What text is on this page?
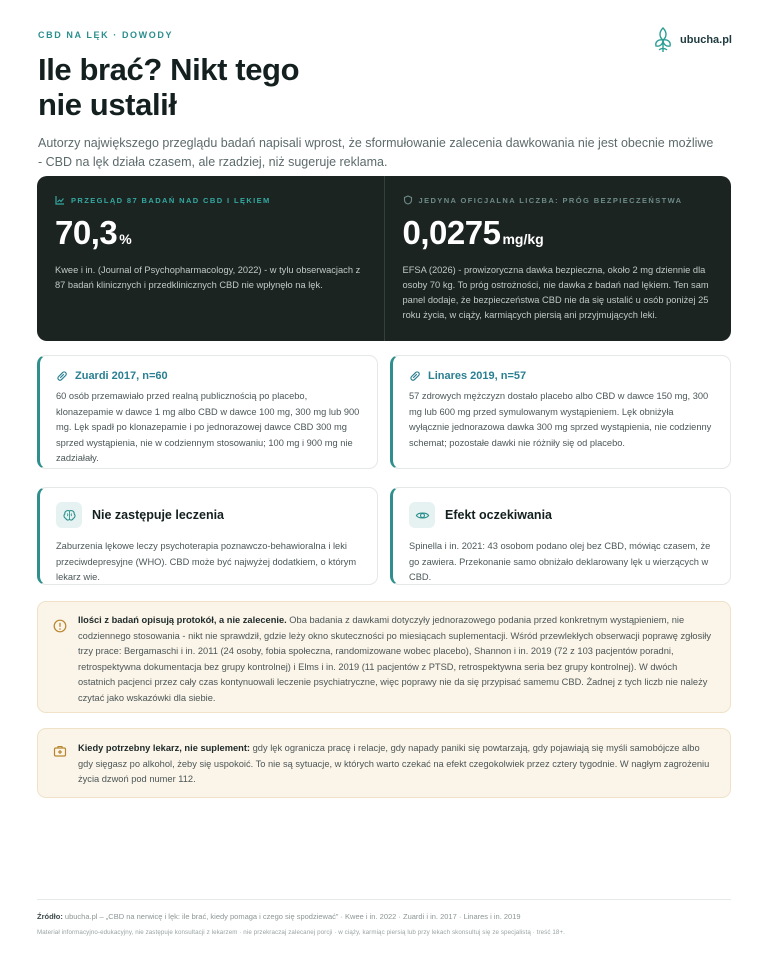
CBD NA LĘK · DOWODY
Ile brać? Nikt tego
nie ustalił

Autorzy największego przeglądu badań napisali wprost, że sformułowanie zalecenia dawkowania nie jest obecnie możliwe - CBD na lęk działa czasem, ale rzadziej, niż sugeruje reklama.

ubucha.pl
PRZEGLĄD 87 BADAŃ NAD CBD I LĘKIEM
70,3 %

Kwee i in. (Journal of Psychopharmacology, 2022) - w tylu obserwacjach z 87 badań klinicznych i przedklinicznych CBD nie wpłynęło na lęk.

JEDYNA OFICJALNA LICZBA: PRÓG BEZPIECZEŃSTWA
0,0275 mg/kg

EFSA (2026) - prowizoryczna dawka bezpieczna, około 2 mg dziennie dla osoby 70 kg. To próg ostrożności, nie dawka z badań nad lękiem. Ten sam panel dodaje, że bezpieczeństwa CBD nie da się ustalić u osób poniżej 25 roku życia, w ciąży, karmiących piersią ani przyjmujących leki.

Zuardi 2017, n=60

60 osób przemawiało przed realną publicznością po placebo, klonazepamie w dawce 1 mg albo CBD w dawce 100 mg, 300 mg lub 900 mg. Lęk spadł po klonazepamie i po jednorazowej dawce CBD 300 mg sprzed wystąpienia, nie w codziennym stosowaniu; 100 mg i 900 mg nie zadziałały.

Linares 2019, n=57

57 zdrowych mężczyzn dostało placebo albo CBD w dawce 150 mg, 300 mg lub 600 mg przed symulowanym wystąpieniem. Lęk obniżyła wyłącznie jednorazowa dawka 300 mg sprzed wystąpienia, nie codzienny schemat; pozostałe dawki nie różniły się od placebo.

Nie zastępuje leczenia

Zaburzenia lękowe leczy psychoterapia poznawczo-behawioralna i leki przeciwdepresyjne (WHO). CBD może być najwyżej dodatkiem, o którym lekarz wie.

Efekt oczekiwania

Spinella i in. 2021: 43 osobom podano olej bez CBD, mówiąc czasem, że go zawiera. Przekonanie samo obniżało deklarowany lęk u wierzących w CBD.

Ilości z badań opisują protokół, a nie zalecenie. Oba badania z dawkami dotyczyły jednorazowego podania przed konkretnym wystąpieniem, nie codziennego stosowania - nikt nie sprawdził, gdzie leży okno skuteczności po miesiącach suplementacji. Wśród przewlekłych obserwacji poprawę zgłosiły trzy prace: Bergamaschi i in. 2011 (24 osoby, fobia społeczna, randomizowane wobec placebo), Shannon i in. 2019 (72 z 103 pacjentów poradni, retrospektywna dokumentacja bez grupy kontrolnej) i Elms i in. 2019 (11 pacjentów z PTSD, retrospektywna seria bez grupy kontrolnej). W dwóch ostatnich pacjenci przez cały czas kontynuowali leczenie psychiatryczne, więc poprawy nie da się przypisać samemu CBD. Żadnej z tych liczb nie należy czytać jako wskazówki dla siebie.

Kiedy potrzebny lekarz, nie suplement: gdy lęk ogranicza pracę i relacje, gdy napady paniki się powtarzają, gdy pojawiają się myśli samobójcze albo gdy sięgasz po alkohol, żeby się uspokoić. To nie są sytuacje, w których warto czekać na efekt czegokolwiek przez cztery tygodnie. W nagłym zagrożeniu życia dzwoń pod numer 112.

Źródło: ubucha.pl – „CBD na nerwicę i lęk: ile brać, kiedy pomaga i czego się spodziewać” · Kwee i in. 2022 · Zuardi i in. 2017 · Linares i in. 2019

Materiał informacyjno-edukacyjny, nie zastępuje konsultacji z lekarzem · nie przekraczaj zalecanej porcji · w ciąży, karmiąc piersią lub przy lekach skonsultuj się ze specjalistą · treść 18+.
